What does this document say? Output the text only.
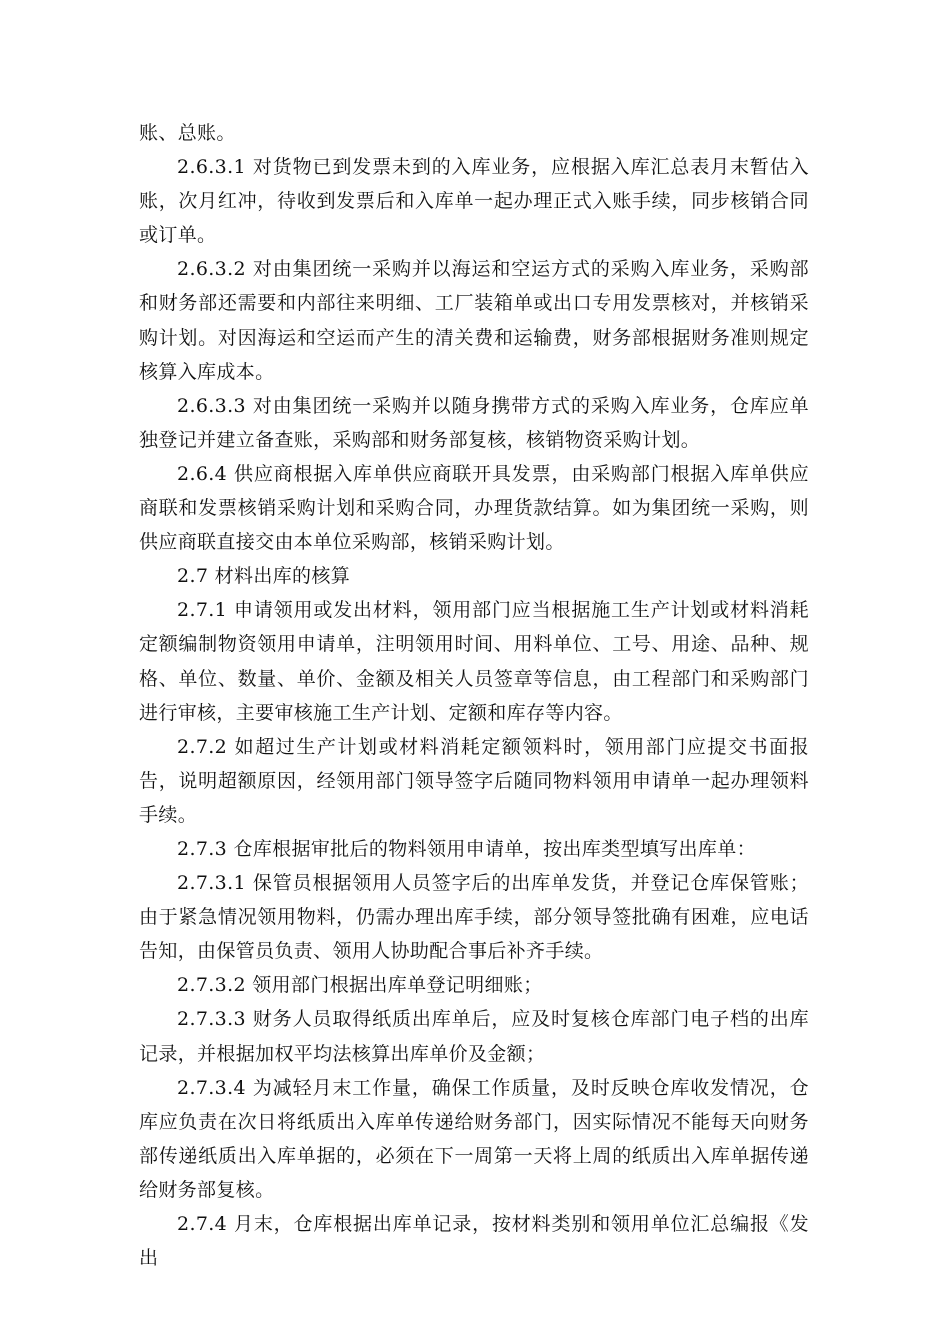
账、总账。

2.6.3.1 对货物已到发票未到的入库业务，应根据入库汇总表月末暂估入账，次月红冲，待收到发票后和入库单一起办理正式入账手续，同步核销合同或订单。

2.6.3.2 对由集团统一采购并以海运和空运方式的采购入库业务，采购部和财务部还需要和内部往来明细、工厂装箱单或出口专用发票核对，并核销采购计划。对因海运和空运而产生的清关费和运输费，财务部根据财务准则规定核算入库成本。

2.6.3.3 对由集团统一采购并以随身携带方式的采购入库业务，仓库应单独登记并建立备查账，采购部和财务部复核，核销物资采购计划。

2.6.4 供应商根据入库单供应商联开具发票，由采购部门根据入库单供应商联和发票核销采购计划和采购合同，办理货款结算。如为集团统一采购，则供应商联直接交由本单位采购部，核销采购计划。

2.7 材料出库的核算

2.7.1 申请领用或发出材料，领用部门应当根据施工生产计划或材料消耗定额编制物资领用申请单，注明领用时间、用料单位、工号、用途、品种、规格、单位、数量、单价、金额及相关人员签章等信息，由工程部门和采购部门进行审核，主要审核施工生产计划、定额和库存等内容。

2.7.2 如超过生产计划或材料消耗定额领料时，领用部门应提交书面报告，说明超额原因，经领用部门领导签字后随同物料领用申请单一起办理领料手续。

2.7.3 仓库根据审批后的物料领用申请单，按出库类型填写出库单：

2.7.3.1 保管员根据领用人员签字后的出库单发货，并登记仓库保管账；由于紧急情况领用物料，仍需办理出库手续，部分领导签批确有困难，应电话告知，由保管员负责、领用人协助配合事后补齐手续。

2.7.3.2 领用部门根据出库单登记明细账；

2.7.3.3 财务人员取得纸质出库单后，应及时复核仓库部门电子档的出库记录，并根据加权平均法核算出库单价及金额；

2.7.3.4 为减轻月末工作量，确保工作质量，及时反映仓库收发情况，仓库应负责在次日将纸质出入库单传递给财务部门，因实际情况不能每天向财务部传递纸质出入库单据的，必须在下一周第一天将上周的纸质出入库单据传递给财务部复核。

2.7.4 月末，仓库根据出库单记录，按材料类别和领用单位汇总编报《发出
